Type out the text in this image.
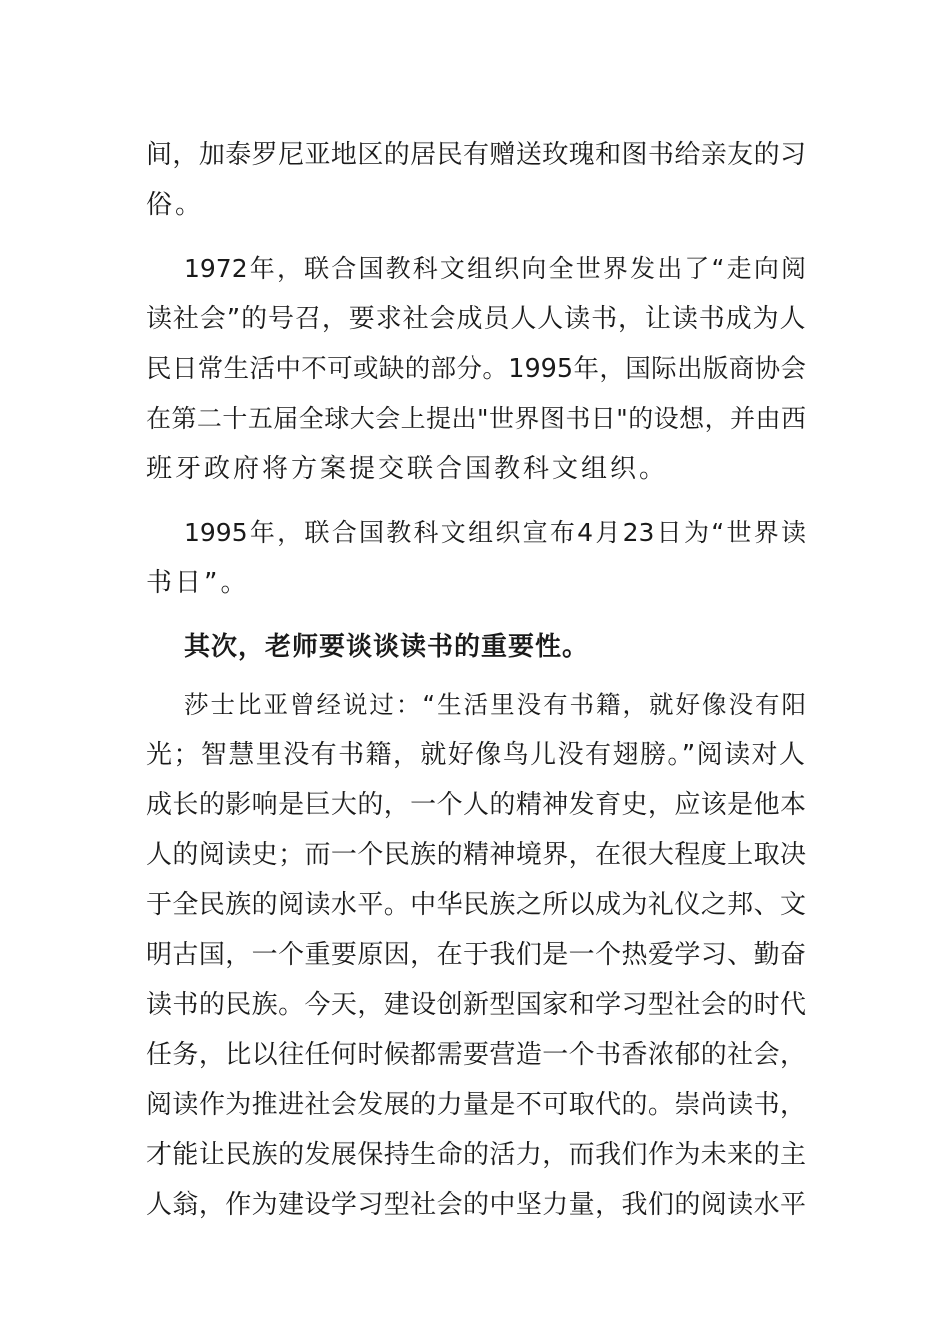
间，加泰罗尼亚地区的居民有赠送玫瑰和图书给亲友的习
俗。
1972年，联合国教科文组织向全世界发出了“走向阅
读社会”的号召，要求社会成员人人读书，让读书成为人
民日常生活中不可或缺的部分。1995年，国际出版商协会
在第二十五届全球大会上提出"世界图书日"的设想，并由西
班牙政府将方案提交联合国教科文组织。
1995年，联合国教科文组织宣布4月23日为“世界读
书日”。
其次，老师要谈谈读书的重要性。
莎士比亚曾经说过：“生活里没有书籍，就好像没有阳
光；智慧里没有书籍，就好像鸟儿没有翅膀。”阅读对人
成长的影响是巨大的，一个人的精神发育史，应该是他本
人的阅读史；而一个民族的精神境界，在很大程度上取决
于全民族的阅读水平。中华民族之所以成为礼仪之邦、文
明古国，一个重要原因，在于我们是一个热爱学习、勤奋
读书的民族。今天，建设创新型国家和学习型社会的时代
任务，比以往任何时候都需要营造一个书香浓郁的社会，
阅读作为推进社会发展的力量是不可取代的。崇尚读书，
才能让民族的发展保持生命的活力，而我们作为未来的主
人翁，作为建设学习型社会的中坚力量，我们的阅读水平
